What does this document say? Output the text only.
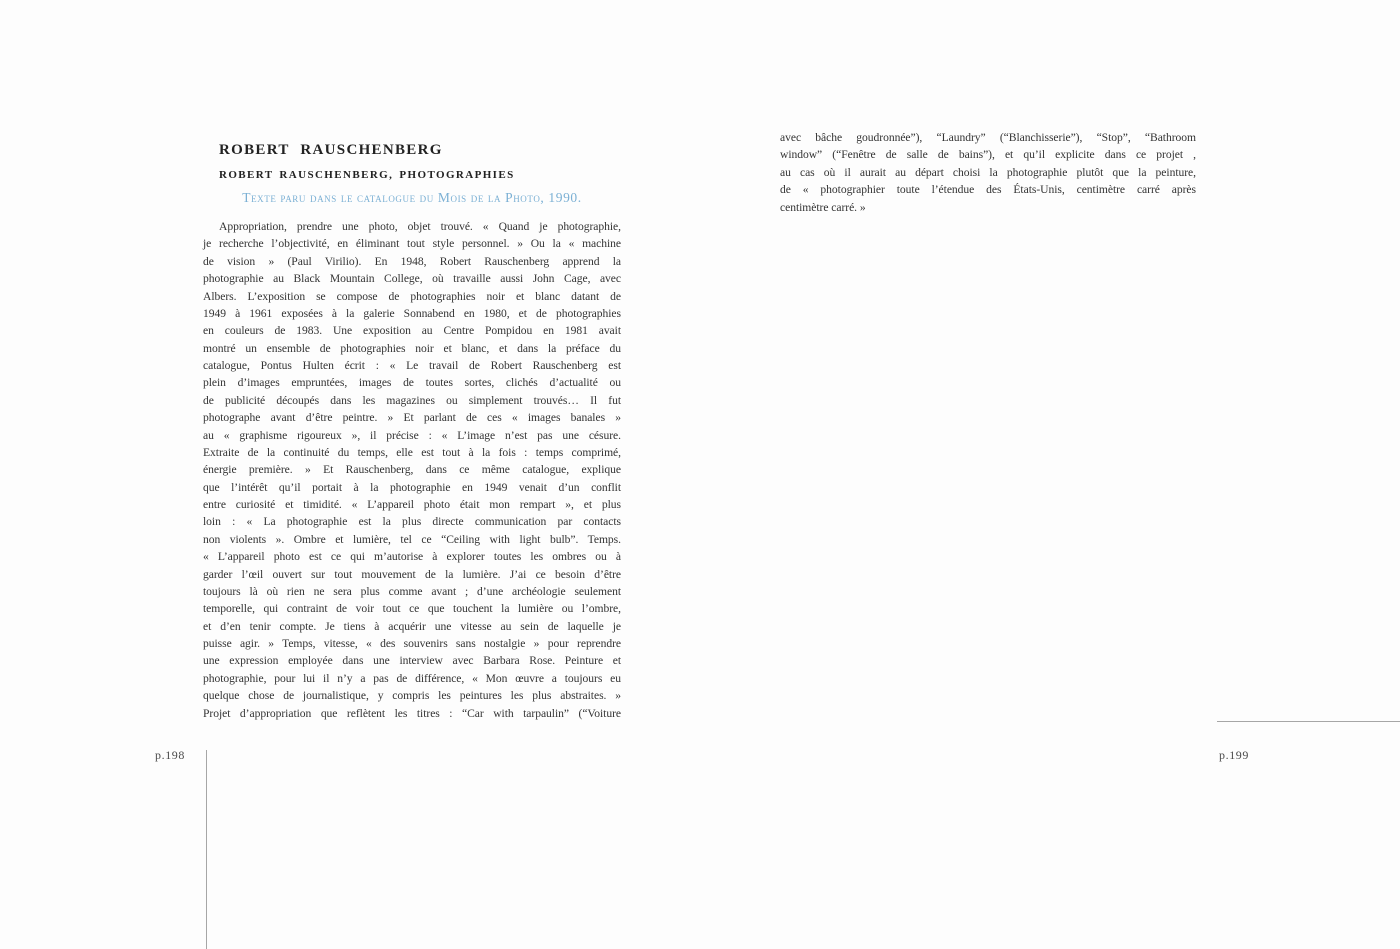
ROBERT RAUSCHENBERG
ROBERT RAUSCHENBERG, PHOTOGRAPHIES
Texte paru dans le catalogue du Mois de la Photo, 1990.
Appropriation, prendre une photo, objet trouvé. « Quand je photographie,
je recherche l’objectivité, en éliminant tout style personnel. » Ou la « machine
de vision » (Paul Virilio). En 1948, Robert Rauschenberg apprend la
photographie au Black Mountain College, où travaille aussi John Cage, avec
Albers. L’exposition se compose de photographies noir et blanc datant de
1949 à 1961 exposées à la galerie Sonnabend en 1980, et de photographies
en couleurs de 1983. Une exposition au Centre Pompidou en 1981 avait
montré un ensemble de photographies noir et blanc, et dans la préface du
catalogue, Pontus Hulten écrit : « Le travail de Robert Rauschenberg est
plein d’images empruntées, images de toutes sortes, clichés d’actualité ou
de publicité découpés dans les magazines ou simplement trouvés… Il fut
photographe avant d’être peintre. » Et parlant de ces « images banales »
au « graphisme rigoureux », il précise : « L’image n’est pas une césure.
Extraite de la continuité du temps, elle est tout à la fois : temps comprimé,
énergie première. » Et Rauschenberg, dans ce même catalogue, explique
que l’intérêt qu’il portait à la photographie en 1949 venait d’un conflit
entre curiosité et timidité. « L’appareil photo était mon rempart », et plus
loin : « La photographie est la plus directe communication par contacts
non violents ». Ombre et lumière, tel ce “Ceiling with light bulb”. Temps.
« L’appareil photo est ce qui m’autorise à explorer toutes les ombres ou à
garder l’œil ouvert sur tout mouvement de la lumière. J’ai ce besoin d’être
toujours là où rien ne sera plus comme avant ; d’une archéologie seulement
temporelle, qui contraint de voir tout ce que touchent la lumière ou l’ombre,
et d’en tenir compte. Je tiens à acquérir une vitesse au sein de laquelle je
puisse agir. » Temps, vitesse, « des souvenirs sans nostalgie » pour reprendre
une expression employée dans une interview avec Barbara Rose. Peinture et
photographie, pour lui il n’y a pas de différence, « Mon œuvre a toujours eu
quelque chose de journalistique, y compris les peintures les plus abstraites. »
Projet d’appropriation que reflètent les titres : “Car with tarpaulin” (“Voiture
p.198
avec bâche goudronnée”), “Laundry” (“Blanchisserie”), “Stop”, “Bathroom
window” (“Fenêtre de salle de bains”), et qu’il explicite dans ce projet ,
au cas où il aurait au départ choisi la photographie plutôt que la peinture,
de « photographier toute l’étendue des États-Unis, centimètre carré après
centimètre carré. »
p.199
